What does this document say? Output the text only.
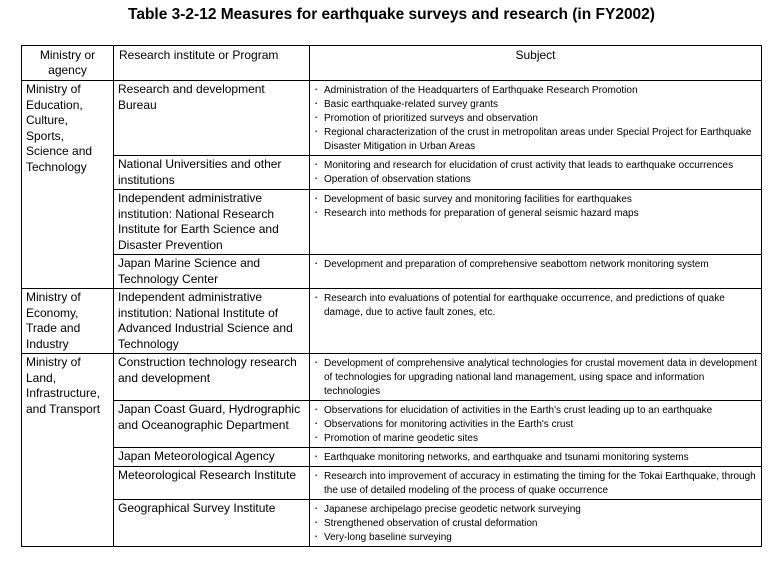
Table 3-2-12 Measures for earthquake surveys and research (in FY2002)
Ministry or agency	Research institute or Program	Subject
Ministry of Education, Culture, Sports, Science and Technology	Research and development Bureau	· Administration of the Headquarters of Earthquake Research Promotion
· Basic earthquake-related survey grants
· Promotion of prioritized surveys and observation
· Regional characterization of the crust in metropolitan areas under Special Project for Earthquake Disaster Mitigation in Urban Areas

	National Universities and other institutions	· Monitoring and research for elucidation of crust activity that leads to earthquake occurrences
· Operation of observation stations

	Independent administrative institution: National Research Institute for Earth Science and Disaster Prevention	· Development of basic survey and monitoring facilities for earthquakes
· Research into methods for preparation of general seismic hazard maps

	Japan Marine Science and Technology Center	· Development and preparation of comprehensive seabottom network monitoring system

Ministry of Economy, Trade and Industry	Independent administrative institution: National Institute of Advanced Industrial Science and Technology	· Research into evaluations of potential for earthquake occurrence, and predictions of quake damage, due to active fault zones, etc.

Ministry of Land, Infrastructure, and Transport	Construction technology research and development	· Development of comprehensive analytical technologies for crustal movement data in development of technologies for upgrading national land management, using space and information technologies

	Japan Coast Guard, Hydrographic and Oceanographic Department	· Observations for elucidation of activities in the Earth's crust leading up to an earthquake
· Observations for monitoring activities in the Earth's crust
· Promotion of marine geodetic sites

	Japan Meteorological Agency	· Earthquake monitoring networks, and earthquake and tsunami monitoring systems

	Meteorological Research Institute	· Research into improvement of accuracy in estimating the timing for the Tokai Earthquake, through the use of detailed modeling of the process of quake occurrence

	Geographical Survey Institute	· Japanese archipelago precise geodetic network surveying
· Strengthened observation of crustal deformation
· Very-long baseline surveying
